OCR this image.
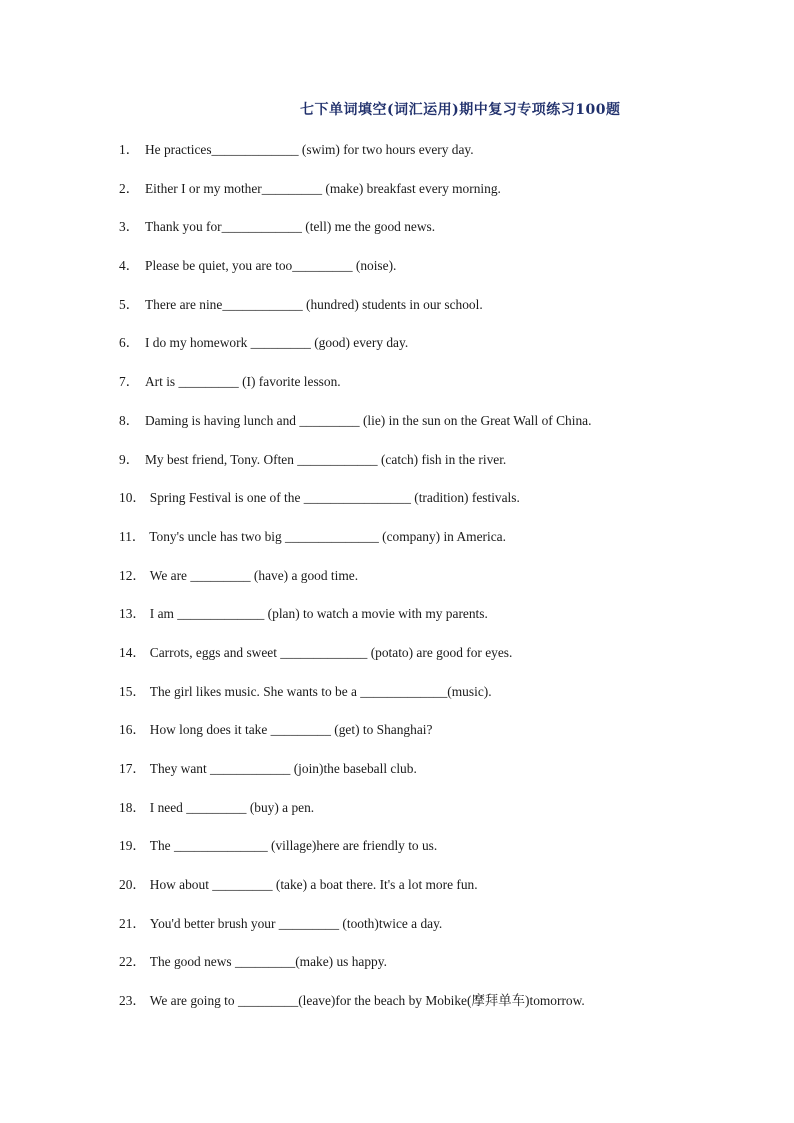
七下单词填空(词汇运用)期中复习专项练习100题
1． He practices_____________ (swim) for two hours every day.
2． Either I or my mother_________ (make) breakfast every morning.
3． Thank you for____________ (tell) me the good news.
4． Please be quiet, you are too_________ (noise).
5． There are nine____________ (hundred) students in our school.
6． I do my homework _________ (good) every day.
7． Art is _________ (I) favorite lesson.
8． Daming is having lunch and _________ (lie) in the sun on the Great Wall of China.
9． My best friend, Tony. Often ____________ (catch) fish in the river.
10． Spring Festival is one of the ________________ (tradition) festivals.
11． Tony's uncle has two big ______________ (company) in America.
12． We are _________ (have) a good time.
13． I am _____________ (plan) to watch a movie with my parents.
14． Carrots, eggs and sweet _____________ (potato) are good for eyes.
15． The girl likes music. She wants to be a _____________(music).
16． How long does it take _________ (get) to Shanghai?
17． They want ____________ (join)the baseball club.
18． I need _________ (buy) a pen.
19． The ______________ (village)here are friendly to us.
20． How about _________ (take) a boat there. It's a lot more fun.
21． You'd better brush your _________ (tooth)twice a day.
22． The good news _________(make) us happy.
23． We are going to _________(leave)for the beach by Mobike(摩拜单车)tomorrow.
